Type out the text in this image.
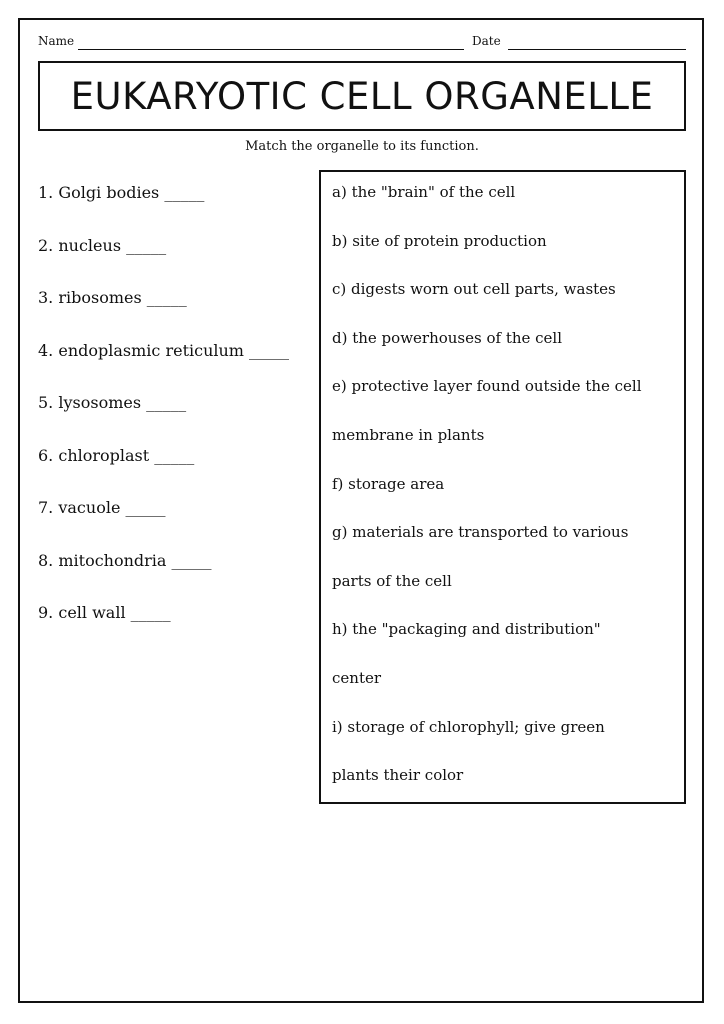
Name	Date
EUKARYOTIC CELL ORGANELLE
Match the organelle to its function.
1. Golgi bodies _____
2. nucleus _____
3. ribosomes _____
4. endoplasmic reticulum _____
5. lysosomes _____
6. chloroplast _____
7. vacuole _____
8. mitochondria _____
9. cell wall _____
a) the "brain" of the cell
b) site of protein production
c) digests worn out cell parts, wastes
d) the powerhouses of the cell
e) protective layer found outside the cell
membrane in plants
f) storage area
g) materials are transported to various
parts of the cell
h) the "packaging and distribution"
center
i) storage of chlorophyll; give green
plants their color
